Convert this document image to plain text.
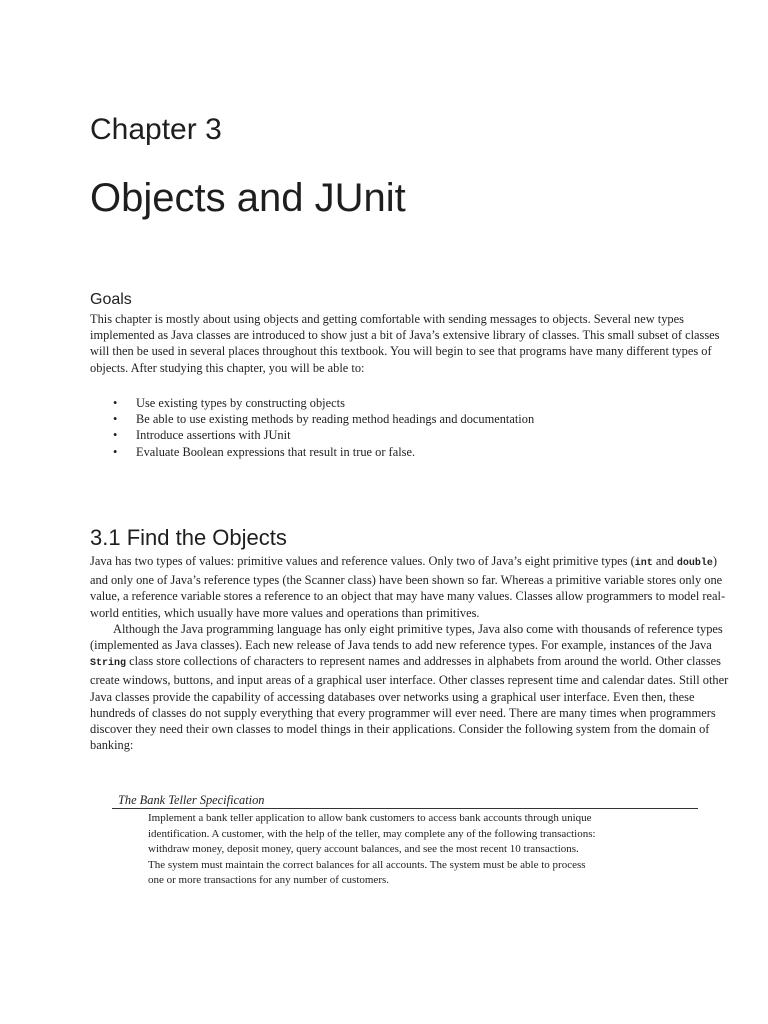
Chapter 3
Objects and JUnit
Goals

This chapter is mostly about using objects and getting comfortable with sending messages to objects. Several new types implemented as Java classes are introduced to show just a bit of Java’s extensive library of classes. This small subset of classes will then be used in several places throughout this textbook. You will begin to see that programs have many different types of objects. After studying this chapter, you will be able to:

•	Use existing types by constructing objects
•	Be able to use existing methods by reading method headings and documentation
•	Introduce assertions with JUnit
•	Evaluate Boolean expressions that result in true or false.
3.1 Find the Objects

Java has two types of values: primitive values and reference values. Only two of Java’s eight primitive types (int and double) and only one of Java’s reference types (the Scanner class) have been shown so far. Whereas a primitive variable stores only one value, a reference variable stores a reference to an object that may have many values. Classes allow programmers to model real-world entities, which usually have more values and operations than primitives.

Although the Java programming language has only eight primitive types, Java also come with thousands of reference types (implemented as Java classes). Each new release of Java tends to add new reference types. For example, instances of the Java String class store collections of characters to represent names and addresses in alphabets from around the world. Other classes create windows, buttons, and input areas of a graphical user interface. Other classes represent time and calendar dates. Still other Java classes provide the capability of accessing databases over networks using a graphical user interface. Even then, these hundreds of classes do not supply everything that every programmer will ever need. There are many times when programmers discover they need their own classes to model things in their applications. Consider the following system from the domain of banking:

The Bank Teller Specification
Implement a bank teller application to allow bank customers to access bank accounts through unique
identification. A customer, with the help of the teller, may complete any of the following transactions:
withdraw money, deposit money, query account balances, and see the most recent 10 transactions.
The system must maintain the correct balances for all accounts. The system must be able to process
one or more transactions for any number of customers.
